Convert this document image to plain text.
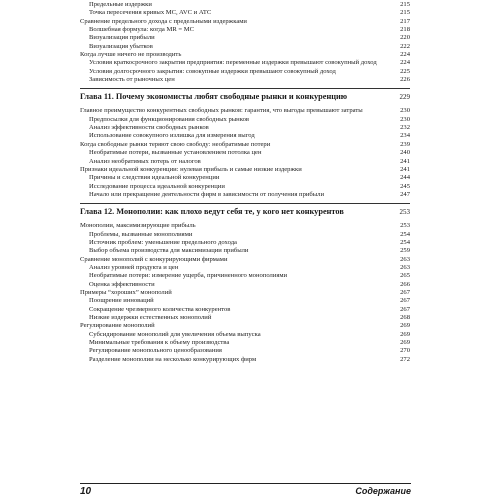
Предельные издержки	215
Точка пересечения кривых MC, AVC и ATC	215
Сравнение предельного дохода с предельными издержками	217
Волшебная формула: когда MR = MC	218
Визуализация прибыли	220
Визуализация убытков	222
Когда лучше ничего не производить	224
Условия краткосрочного закрытия предприятия: переменные издержки превышают совокупный доход	224
Условия долгосрочного закрытия: совокупные издержки превышают совокупный доход	225
Зависимость от рыночных цен	226
Глава 11. Почему экономисты любят свободные рынки и конкуренцию	229
Главное преимущество конкурентных свободных рынков: гарантия, что выгоды превышают затраты	230
Предпосылки для функционирования свободных рынков	230
Анализ эффективности свободных рынков	232
Использование совокупного излишка для измерения выгод	234
Когда свободные рынки теряют свою свободу: необратимые потери	239
Необратимые потери, вызванные установлением потолка цен	240
Анализ необратимых потерь от налогов	241
Признаки идеальной конкуренции: нулевая прибыль и самые низкие издержки	241
Причины и следствия идеальной конкуренции	244
Исследование процесса идеальной конкуренции	245
Начало или прекращение деятельности фирм в зависимости от получения прибыли	247
Глава 12. Монополии: как плохо ведут себя те, у кого нет конкурентов	253
Монополии, максимизирующие прибыль	253
Проблемы, вызванные монополиями	254
Источник проблем: уменьшение предельного дохода	254
Выбор объема производства для максимизации прибыли	259
Сравнение монополий с конкурирующими фирмами	263
Анализ уровней продукта и цен	263
Необратимые потери: измерение ущерба, причиненного монополиями	265
Оценка эффективности	266
Примеры “хороших” монополий	267
Поощрение инноваций	267
Сокращение чрезмерного количества конкурентов	267
Низкие издержки естественных монополий	268
Регулирование монополий	269
Субсидирование монополий для увеличения объема выпуска	269
Минимальные требования к объему производства	269
Регулирование монопольного ценообразования	270
Разделение монополии на несколько конкурирующих фирм	272
10	Содержание
